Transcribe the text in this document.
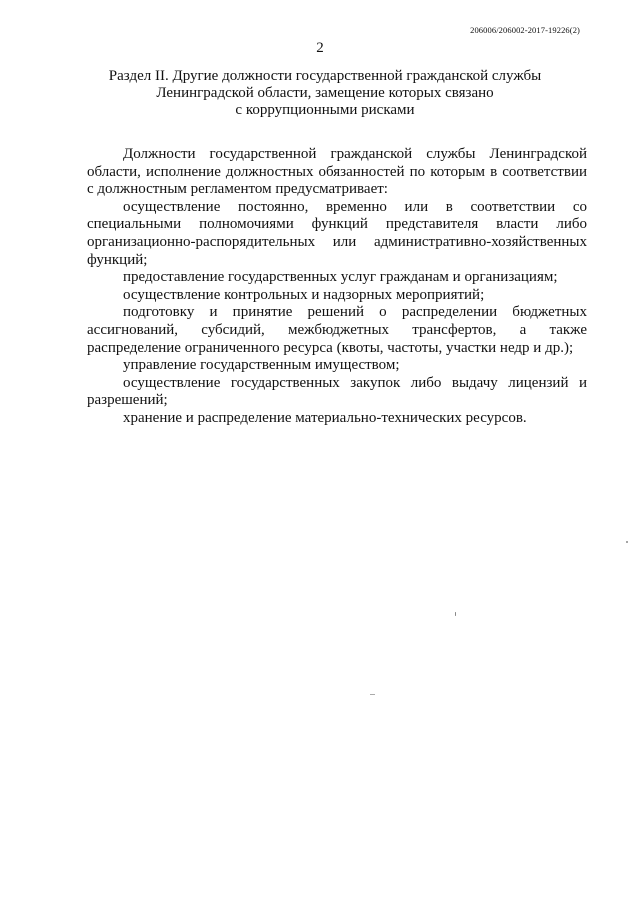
206006/206002-2017-19226(2)
2
Раздел II. Другие должности государственной гражданской службы
Ленинградской области, замещение которых связано
с коррупционными рисками

Должности государственной гражданской службы Ленинградской области, исполнение должностных обязанностей по которым в соответствии с должностным регламентом предусматривает:

осуществление постоянно, временно или в соответствии со специальными полномочиями функций представителя власти либо организационно-распорядительных или административно-хозяйственных функций;

предоставление государственных услуг гражданам и организациям;

осуществление контрольных и надзорных мероприятий;

подготовку и принятие решений о распределении бюджетных ассигнований, субсидий, межбюджетных трансфертов, а также распределение ограниченного ресурса (квоты, частоты, участки недр и др.);

управление государственным имуществом;

осуществление государственных закупок либо выдачу лицензий и разрешений;

хранение и распределение материально-технических ресурсов.
